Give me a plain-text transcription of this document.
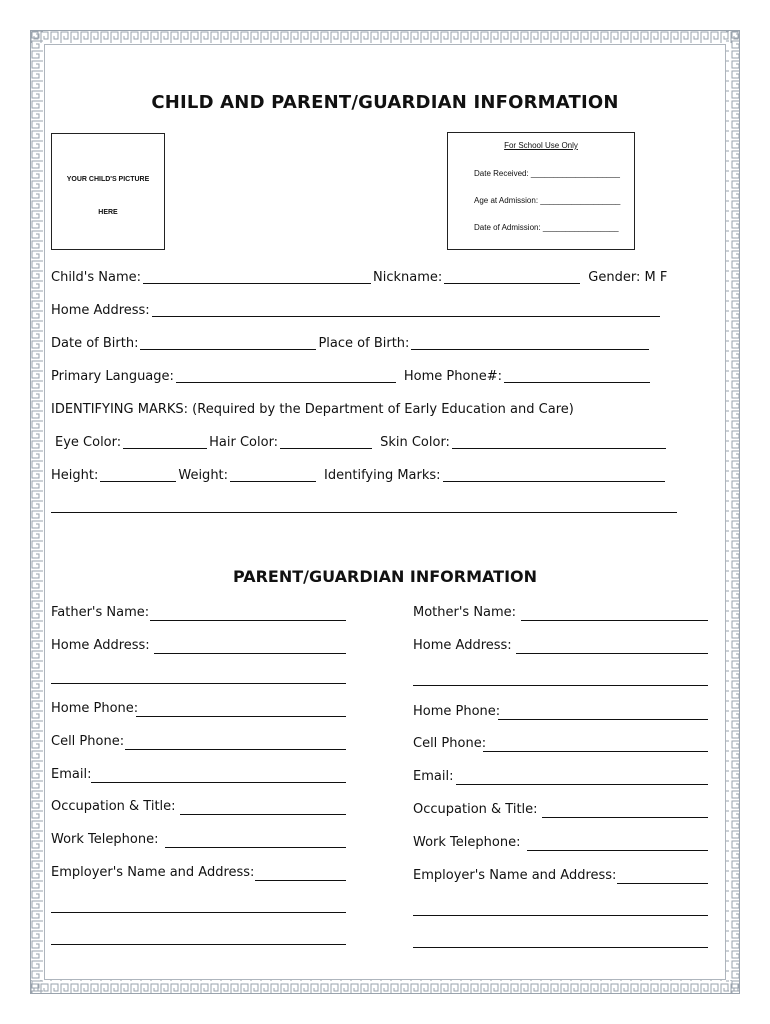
CHILD AND PARENT/GUARDIAN INFORMATION
YOUR CHILD'S PICTURE
HERE
For School Use Only
Date Received: ____________________
Age at Admission: __________________
Date of Admission: _________________
Child's Name:	Nickname:	Gender: M F
Home Address:
Date of Birth:	Place of Birth:
Primary Language:	Home Phone#:
IDENTIFYING MARKS: (Required by the Department of Early Education and Care)
Eye Color:	Hair Color:	Skin Color:
Height:	Weight:	Identifying Marks:
PARENT/GUARDIAN INFORMATION
Father's Name:
Home Address:
Home Phone:
Cell Phone:
Email:
Occupation & Title:
Work Telephone:
Employer's Name and Address:
Mother's Name:
Home Address:
Home Phone:
Cell Phone:
Email:
Occupation & Title:
Work Telephone:
Employer's Name and Address:
